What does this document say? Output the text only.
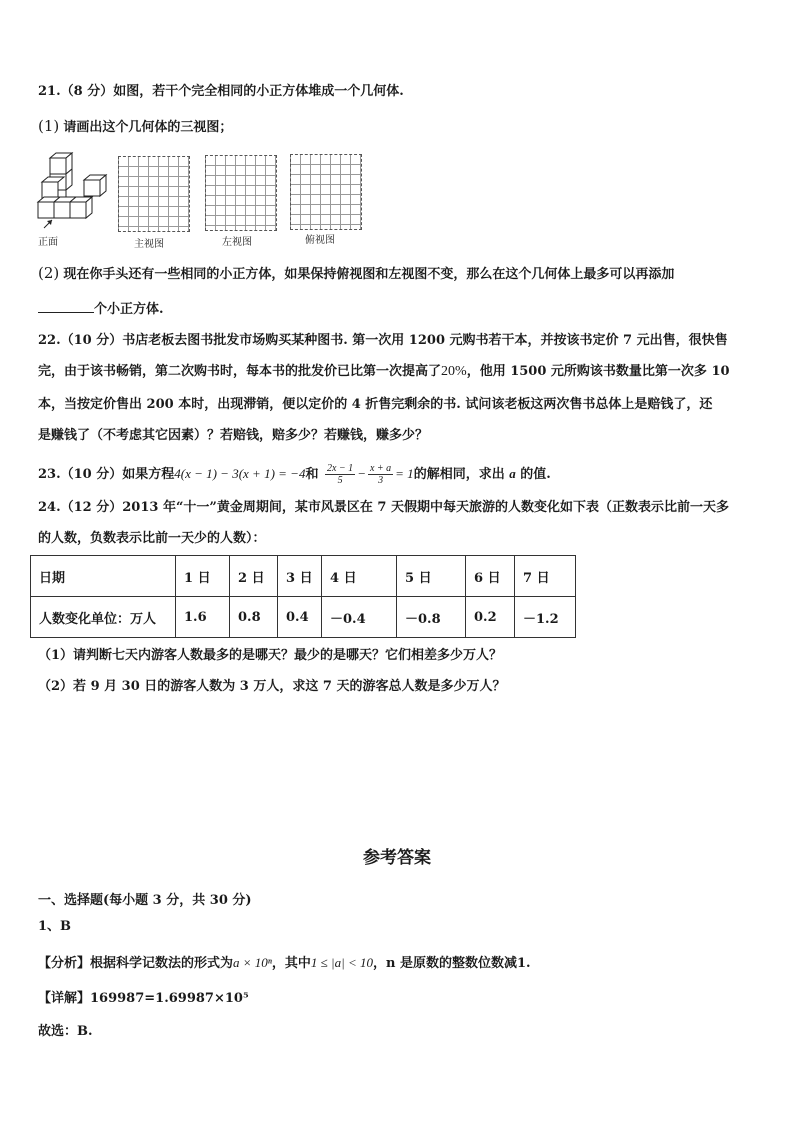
21.（8 分）如图，若干个完全相同的小正方体堆成一个几何体.
(1) 请画出这个几何体的三视图；
正面	主视图	左视图	俯视图
(2) 现在你手头还有一些相同的小正方体，如果保持俯视图和左视图不变，那么在这个几何体上最多可以再添加
个小正方体.
22.（10 分）书店老板去图书批发市场购买某种图书. 第一次用 1200 元购书若干本，并按该书定价 7 元出售，很快售
完，由于该书畅销，第二次购书时，每本书的批发价已比第一次提高了20%，他用 1500 元所购该书数量比第一次多 10
本，当按定价售出 200 本时，出现滞销，便以定价的 4 折售完剩余的书. 试问该老板这两次售书总体上是赔钱了，还
是赚钱了（不考虑其它因素）？若赔钱，赔多少？若赚钱，赚多少？
23.（10 分）如果方程4(x − 1) − 3(x + 1) = −4和 $\frac{2x - 1}{5} - \frac{x + a}{3} = 1$的解相同，求出 a 的值.
24.（12 分）2013 年“十一”黄金周期间，某市风景区在 7 天假期中每天旅游的人数变化如下表（正数表示比前一天多
的人数，负数表示比前一天少的人数）：
日期	1 日	2 日	3 日	4 日	5 日	6 日	7 日
人数变化单位：万人	1.6	0.8	0.4	－0.4	－0.8	0.2	－1.2
（1）请判断七天内游客人数最多的是哪天？最少的是哪天？它们相差多少万人？
（2）若 9 月 30 日的游客人数为 3 万人，求这 7 天的游客总人数是多少万人？
参考答案
一、选择题(每小题 3 分，共 30 分)
1、B
【分析】根据科学记数法的形式为a × 10ⁿ，其中1 ≤ |a| < 10，n 是原数的整数位数减1.
【详解】169987=1.69987×10⁵
故选：B.
